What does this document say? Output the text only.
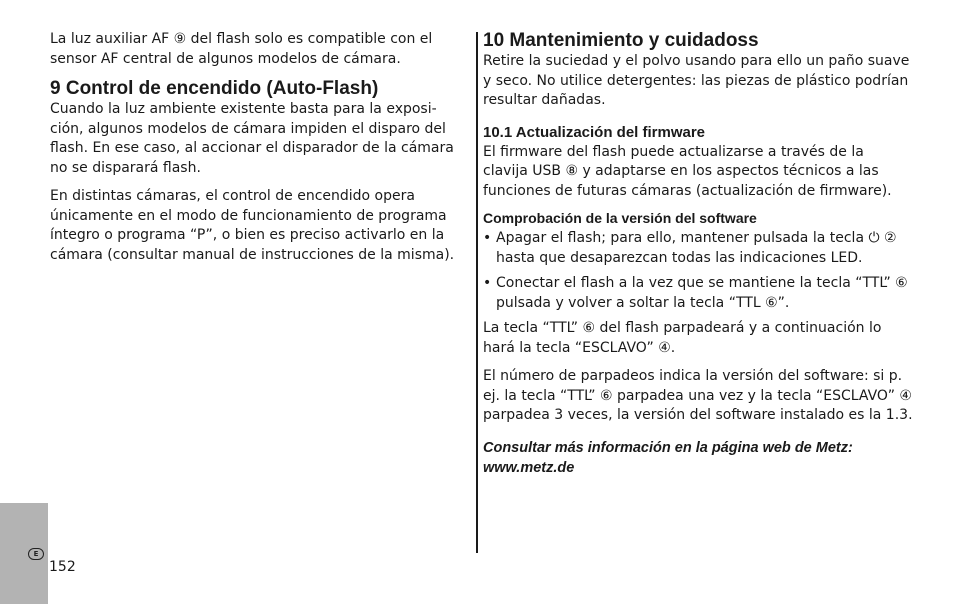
E
152

La luz auxiliar AF ⑨ del flash solo es compatible con el sensor AF central de algunos modelos de cámara.

9 Control de encendido (Auto-Flash)

Cuando la luz ambiente existente basta para la exposi-ción, algunos modelos de cámara impiden el disparo del flash. En ese caso, al accionar el disparador de la cámara no se disparará flash.

En distintas cámaras, el control de encendido opera únicamente en el modo de funcionamiento de programa íntegro o programa “P”, o bien es preciso activarlo en la cámara (consultar manual de instrucciones de la misma).

10 Mantenimiento y cuidadoss

Retire la suciedad y el polvo usando para ello un paño suave y seco. No utilice detergentes: las piezas de plástico podrían resultar dañadas.

10.1 Actualización del firmware

El firmware del flash puede actualizarse a través de la clavija USB ⑧ y adaptarse en los aspectos técnicos a las funciones de futuras cámaras (actualización de firmware).

Comprobación de la versión del software
• Apagar el flash; para ello, mantener pulsada la tecla ⏻ ② hasta que desaparezcan todas las indicaciones LED.
• Conectar el flash a la vez que se mantiene la tecla “TTL” ⑥ pulsada y volver a soltar la tecla “TTL ⑥”.

La tecla “TTL” ⑥ del flash parpadeará y a continuación lo hará la tecla “ESCLAVO” ④.

El número de parpadeos indica la versión del software: si p. ej. la tecla “TTL” ⑥ parpadea una vez y la tecla “ESCLAVO” ④ parpadea 3 veces, la versión del software instalado es la 1.3.

Consultar más información en la página web de Metz: www.metz.de
